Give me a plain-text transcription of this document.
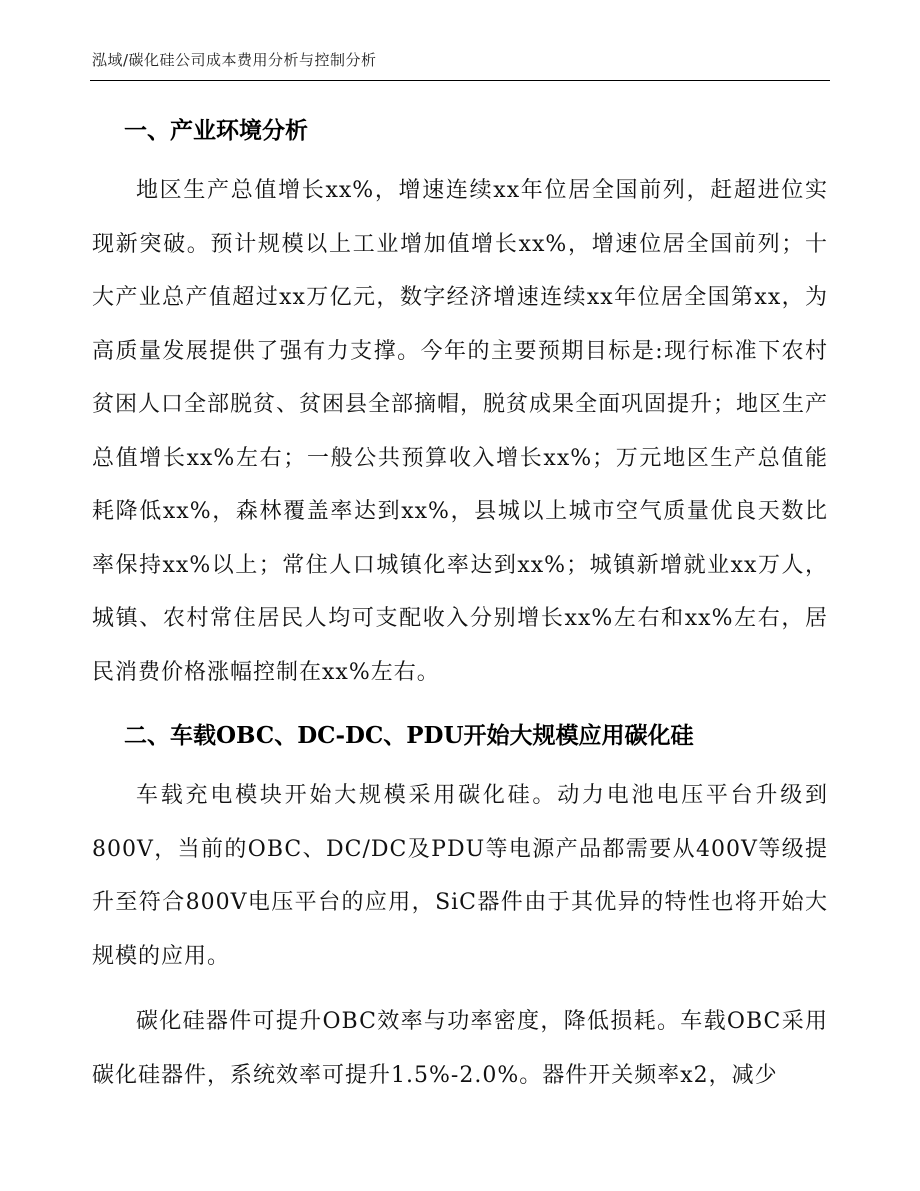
泓域/碳化硅公司成本费用分析与控制分析
一、产业环境分析

地区生产总值增长xx%，增速连续xx年位居全国前列，赶超进位实现新突破。预计规模以上工业增加值增长xx%，增速位居全国前列；十大产业总产值超过xx万亿元，数字经济增速连续xx年位居全国第xx，为高质量发展提供了强有力支撑。今年的主要预期目标是:现行标准下农村贫困人口全部脱贫、贫困县全部摘帽，脱贫成果全面巩固提升；地区生产总值增长xx%左右；一般公共预算收入增长xx%；万元地区生产总值能耗降低xx%，森林覆盖率达到xx%，县城以上城市空气质量优良天数比率保持xx%以上；常住人口城镇化率达到xx%；城镇新增就业xx万人，城镇、农村常住居民人均可支配收入分别增长xx%左右和xx%左右，居民消费价格涨幅控制在xx%左右。

二、车载OBC、DC-DC、PDU开始大规模应用碳化硅

车载充电模块开始大规模采用碳化硅。动力电池电压平台升级到800V，当前的OBC、DC/DC及PDU等电源产品都需要从400V等级提升至符合800V电压平台的应用，SiC器件由于其优异的特性也将开始大规模的应用。

碳化硅器件可提升OBC效率与功率密度，降低损耗。车载OBC采用碳化硅器件，系统效率可提升1.5%-2.0%。器件开关频率x2，减少
